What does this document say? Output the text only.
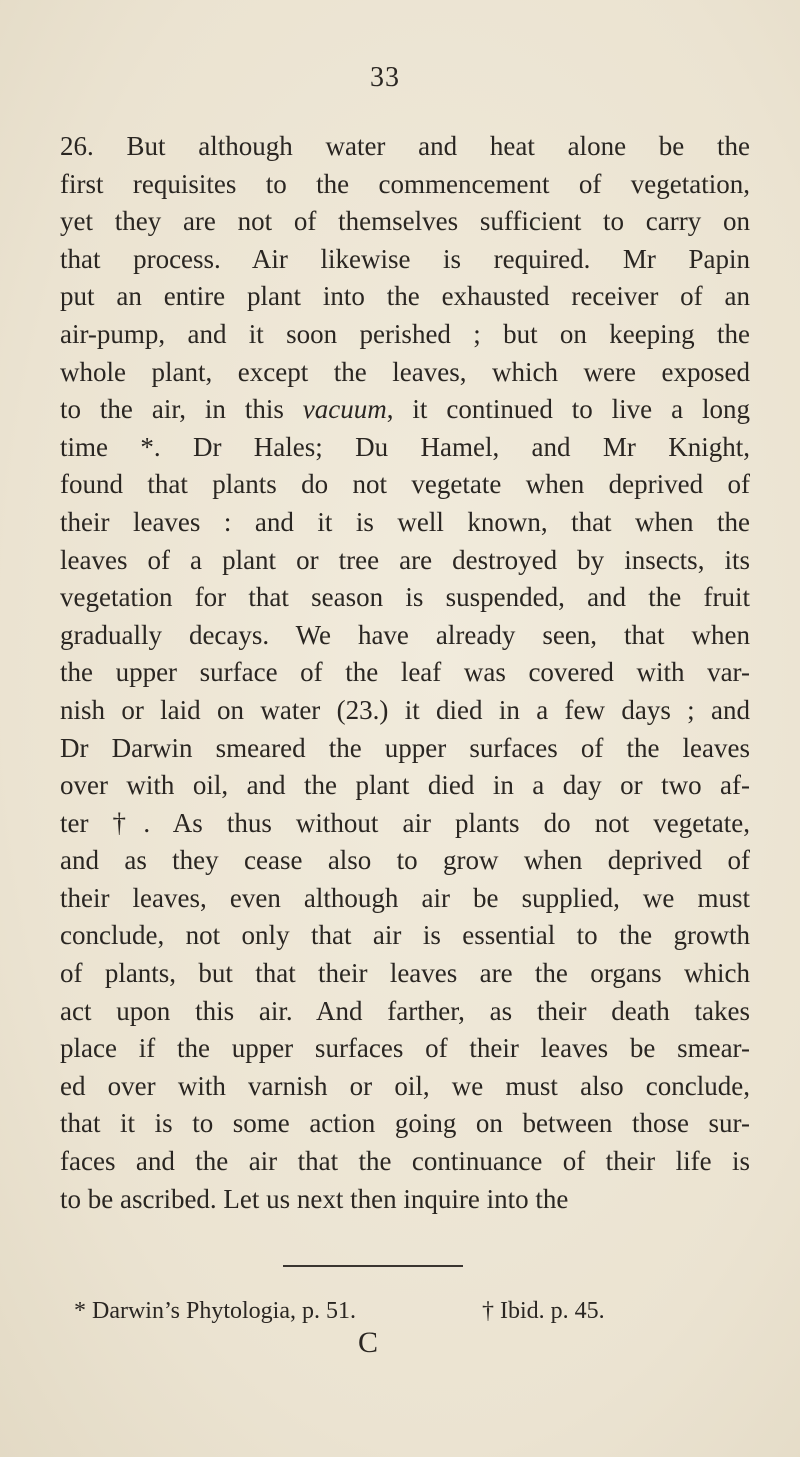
33
26. But although water and heat alone be the
first requisites to the commencement of vegetation,
yet they are not of themselves sufficient to carry on
that process. Air likewise is required. Mr Papin
put an entire plant into the exhausted receiver of an
air-pump, and it soon perished ; but on keeping the
whole plant, except the leaves, which were exposed
to the air, in this vacuum, it continued to live a long
time *. Dr Hales; Du Hamel, and Mr Knight,
found that plants do not vegetate when deprived of
their leaves : and it is well known, that when the
leaves of a plant or tree are destroyed by insects, its
vegetation for that season is suspended, and the fruit
gradually decays. We have already seen, that when
the upper surface of the leaf was covered with var-
nish or laid on water (23.) it died in a few days ; and
Dr Darwin smeared the upper surfaces of the leaves
over with oil, and the plant died in a day or two af-
ter †. As thus without air plants do not vegetate,
and as they cease also to grow when deprived of
their leaves, even although air be supplied, we must
conclude, not only that air is essential to the growth
of plants, but that their leaves are the organs which
act upon this air. And farther, as their death takes
place if the upper surfaces of their leaves be smear-
ed over with varnish or oil, we must also conclude,
that it is to some action going on between those sur-
faces and the air that the continuance of their life is
to be ascribed. Let us next then inquire into the
* Darwin’s Phytologia, p. 51.	† Ibid. p. 45.
C
